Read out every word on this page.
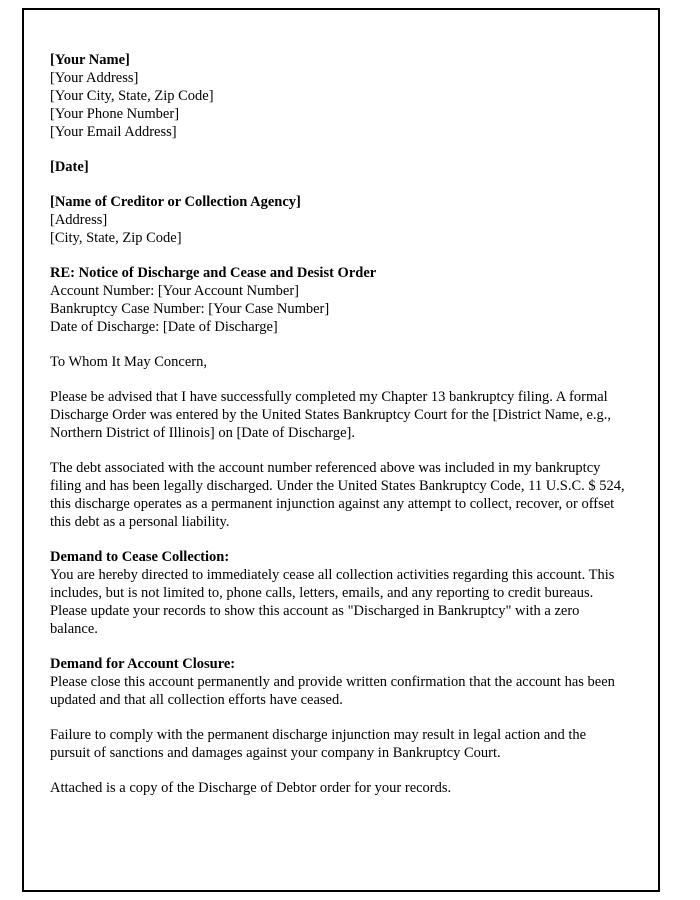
[Your Name]
[Your Address]
[Your City, State, Zip Code]
[Your Phone Number]
[Your Email Address]
[Date]
[Name of Creditor or Collection Agency]
[Address]
[City, State, Zip Code]
RE: Notice of Discharge and Cease and Desist Order
Account Number: [Your Account Number]
Bankruptcy Case Number: [Your Case Number]
Date of Discharge: [Date of Discharge]
To Whom It May Concern,
Please be advised that I have successfully completed my Chapter 13 bankruptcy filing. A formal Discharge Order was entered by the United States Bankruptcy Court for the [District Name, e.g., Northern District of Illinois] on [Date of Discharge].
The debt associated with the account number referenced above was included in my bankruptcy filing and has been legally discharged. Under the United States Bankruptcy Code, 11 U.S.C. $ 524, this discharge operates as a permanent injunction against any attempt to collect, recover, or offset this debt as a personal liability.
Demand to Cease Collection:
You are hereby directed to immediately cease all collection activities regarding this account. This includes, but is not limited to, phone calls, letters, emails, and any reporting to credit bureaus. Please update your records to show this account as "Discharged in Bankruptcy" with a zero balance.
Demand for Account Closure:
Please close this account permanently and provide written confirmation that the account has been updated and that all collection efforts have ceased.
Failure to comply with the permanent discharge injunction may result in legal action and the pursuit of sanctions and damages against your company in Bankruptcy Court.
Attached is a copy of the Discharge of Debtor order for your records.
